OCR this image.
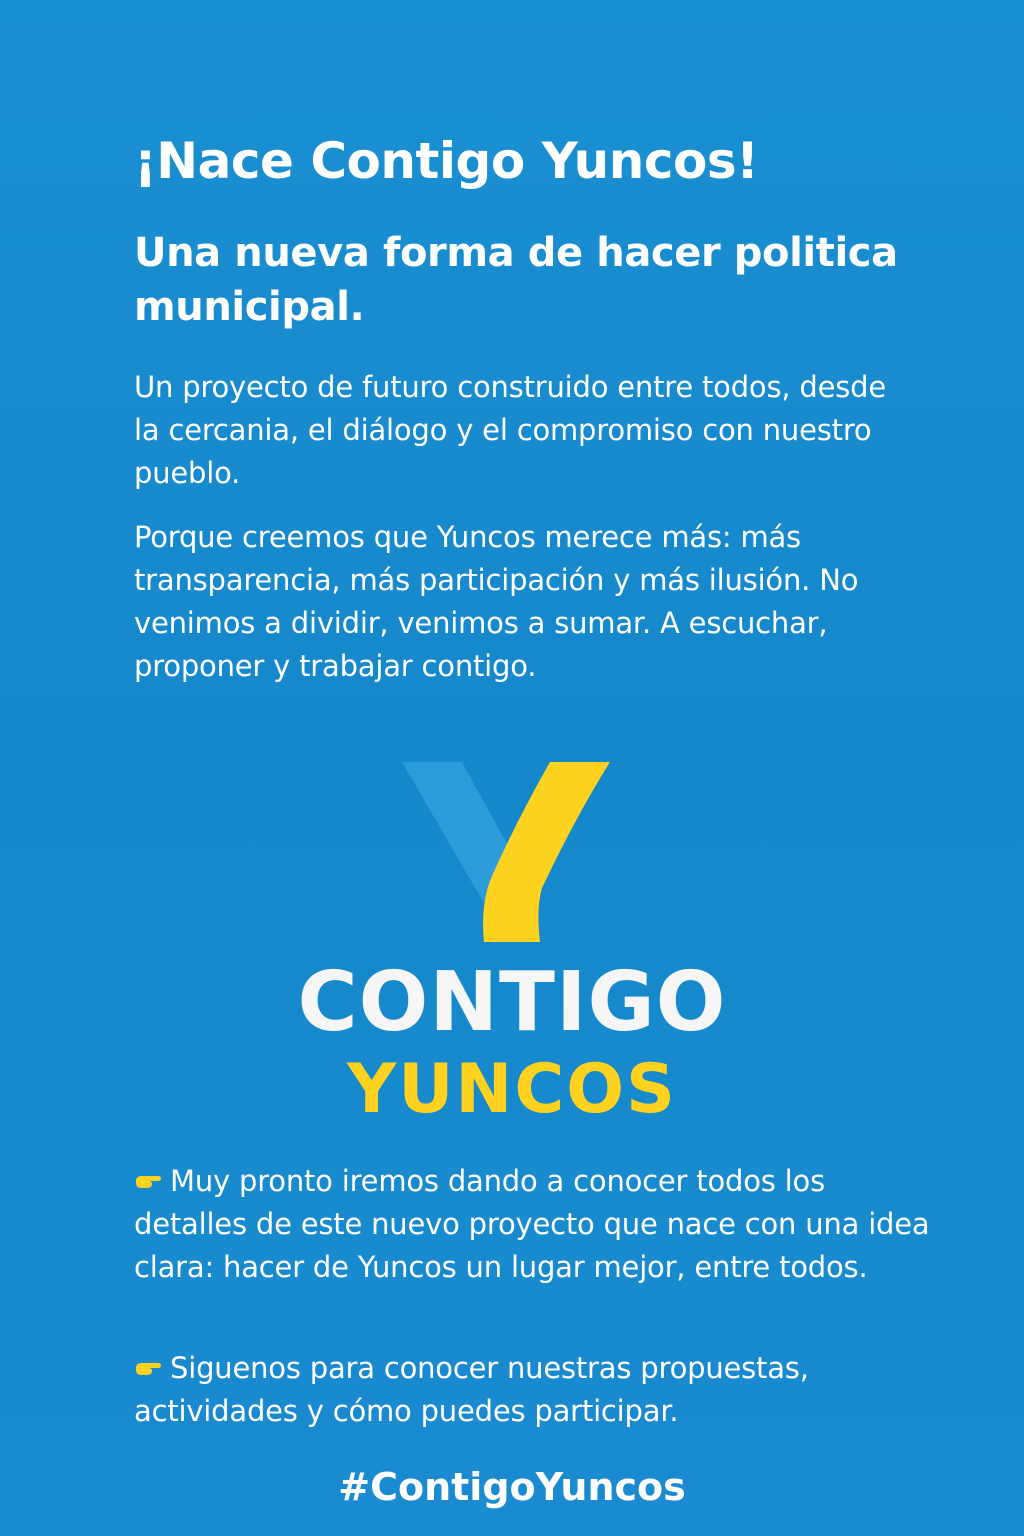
¡Nace Contigo Yuncos!
Una nueva forma de hacer politica municipal.

Un proyecto de futuro construido entre todos, desde la cercania, el diálogo y el compromiso con nuestro pueblo.

Porque creemos que Yuncos merece más: más transparencia, más participación y más ilusión. No venimos a dividir, venimos a sumar. A escuchar, proponer y trabajar contigo.

Muy pronto iremos dando a conocer todos los detalles de este nuevo proyecto que nace con una idea clara: hacer de Yuncos un lugar mejor, entre todos.

Siguenos para conocer nuestras propuestas, actividades y cómo puedes participar.

CONTIGO

YUNCOS

#ContigoYuncos
